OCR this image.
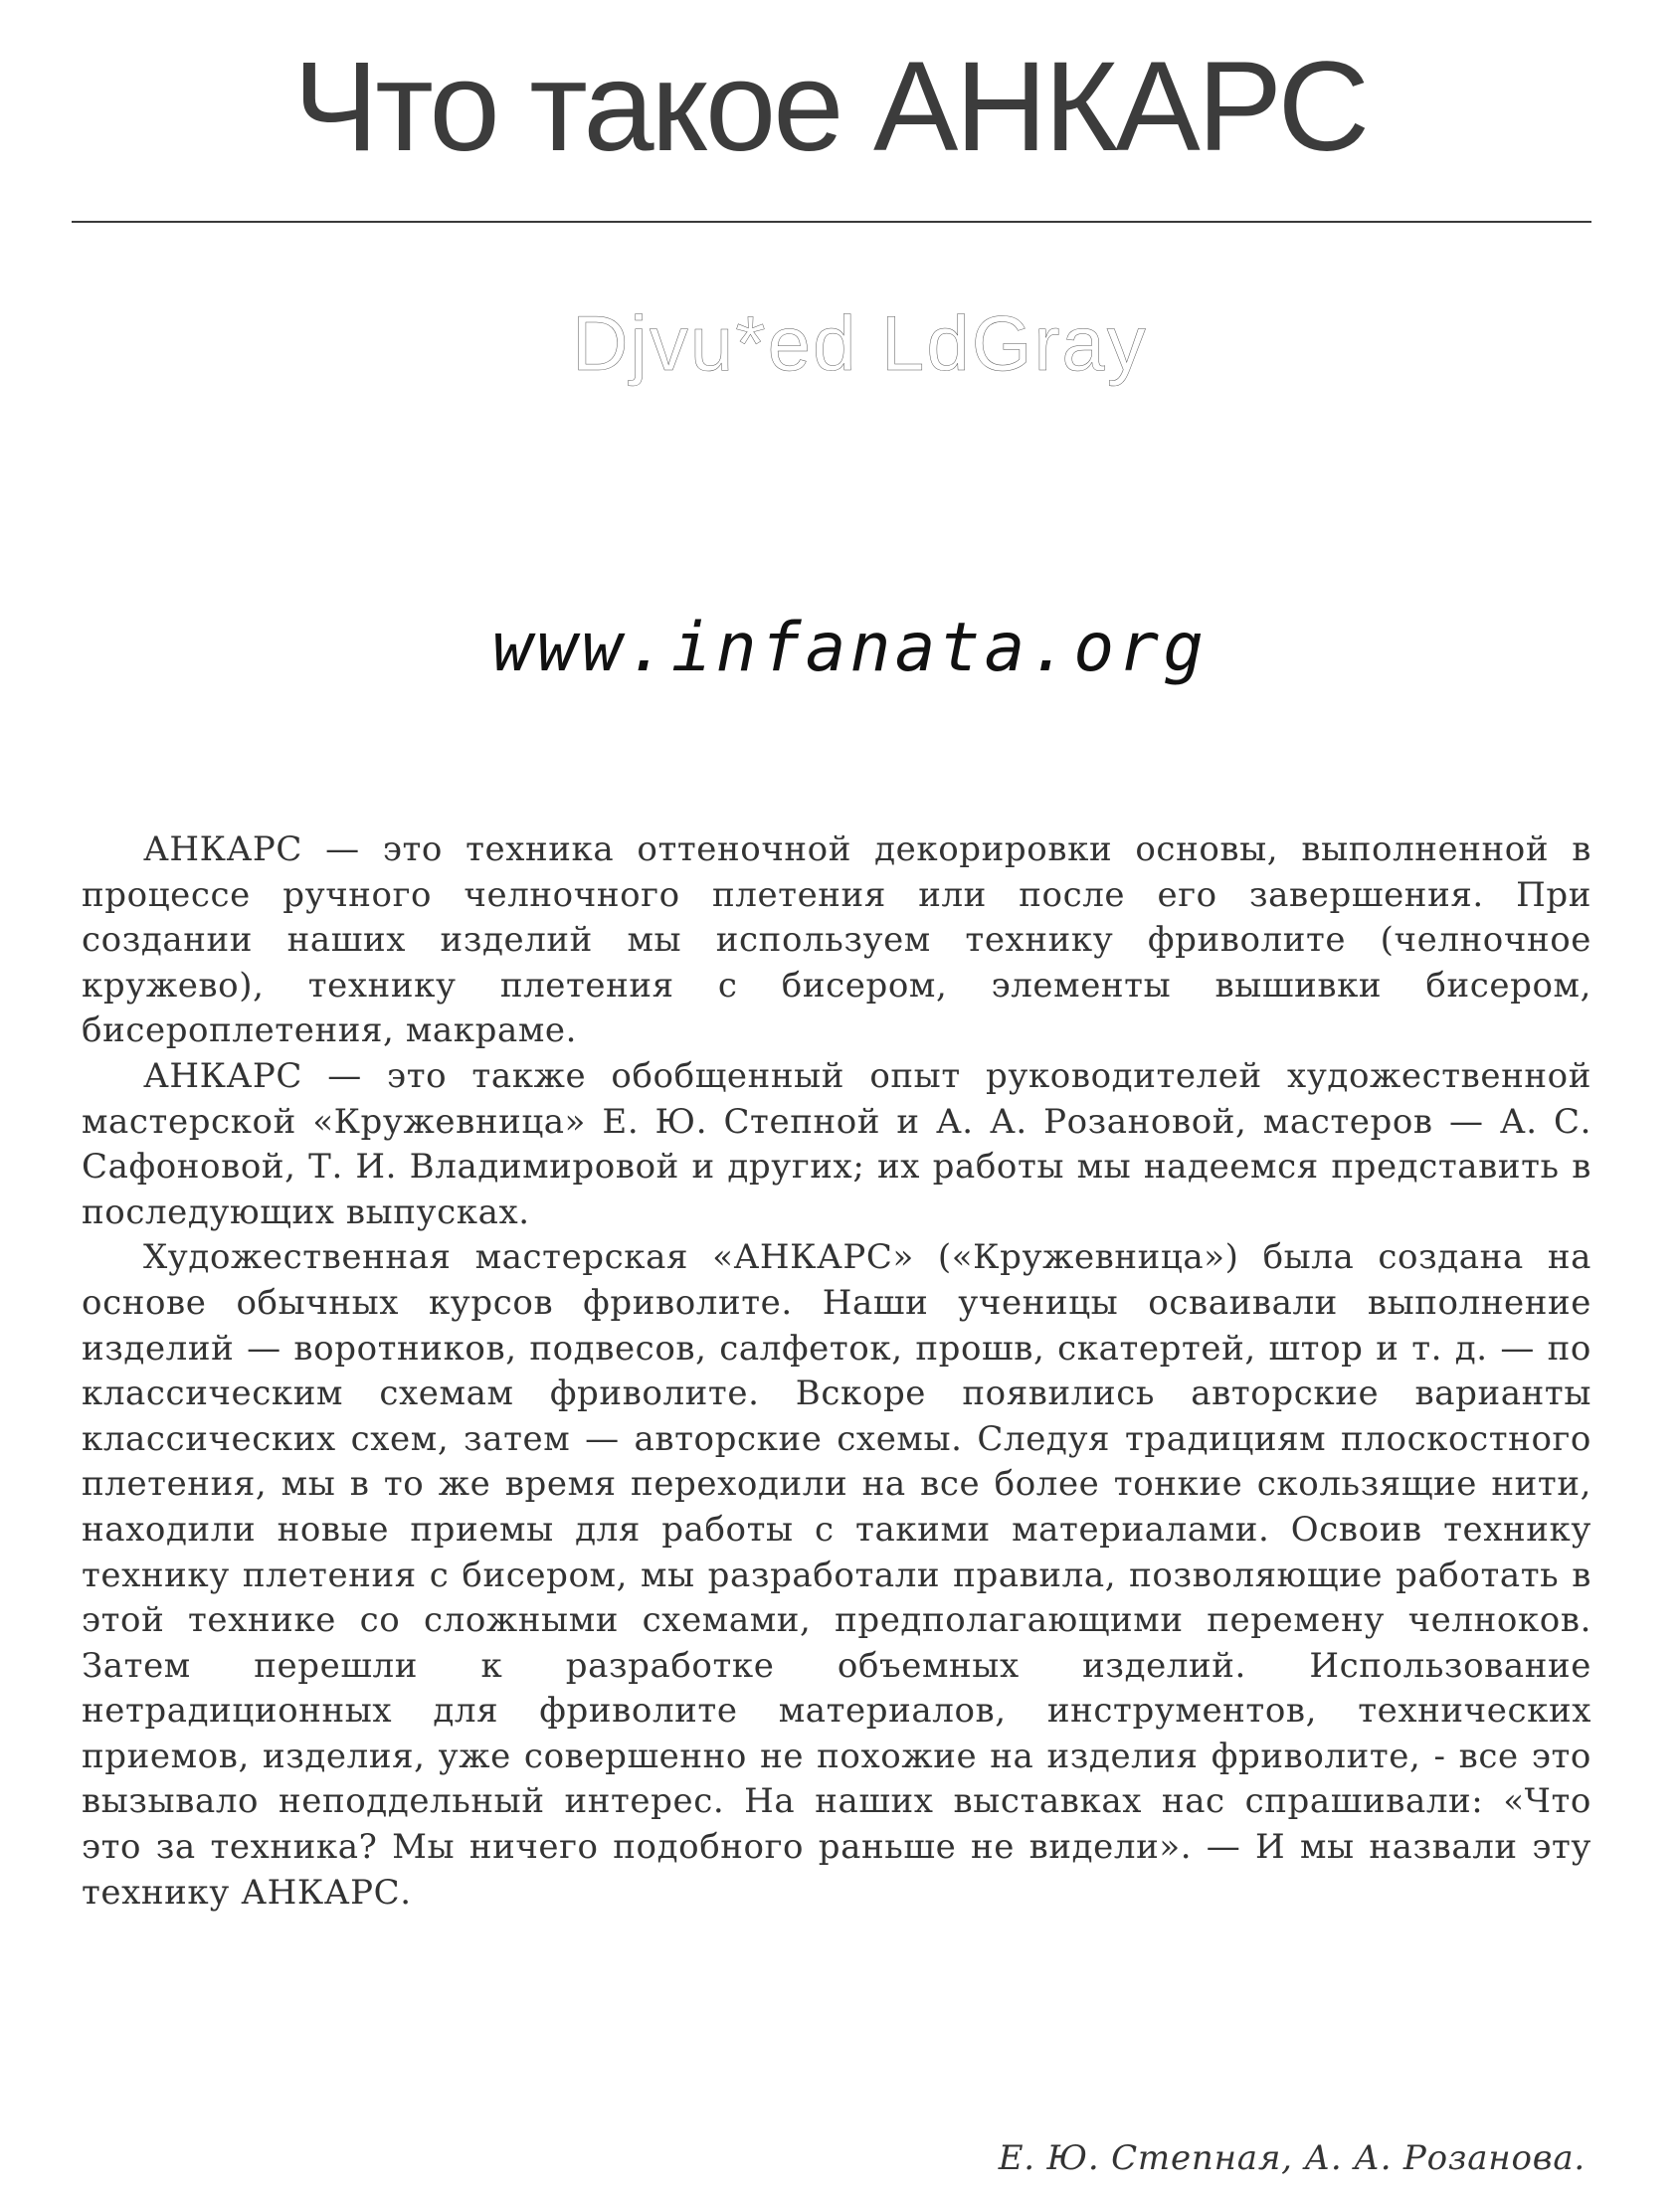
Что такое АНКАРС
Djvu*ed LdGray
www.infanata.org

АНКАРС — это техника оттеночной декорировки основы, выполненной в процессе ручного челночного плетения или после его завершения. При создании наших изделий мы используем технику фриволите (челночное кружево), технику плетения с бисером, элементы вышивки бисером, бисероплетения, макраме.

АНКАРС — это также обобщенный опыт руководителей художественной мастерской «Кружевница» Е. Ю. Степной и А. А. Розановой, мастеров — А. С. Сафоновой, Т. И. Владимировой и других; их работы мы надеемся представить в последующих выпусках.

Художественная мастерская «АНКАРС» («Кружевница») была создана на основе обычных курсов фриволите. Наши ученицы осваивали выполнение изделий — воротников, подвесов, салфеток, прошв, скатертей, штор и т. д. — по классическим схемам фриволите. Вскоре появились авторские варианты классических схем, затем — авторские схемы. Следуя традициям плоскостного плетения, мы в то же время переходили на все более тонкие скользящие нити, находили новые приемы для работы с такими материалами. Освоив технику технику плетения с бисером, мы разработали правила, позволяющие работать в этой технике со сложными схемами, предполагающими перемену челноков. Затем перешли к разработке объемных изделий. Использование нетрадиционных для фриволите материалов, инструментов, технических приемов, изделия, уже совершенно не похожие на изделия фриволите, - все это вызывало неподдельный интерес. На наших выставках нас спрашивали: «Что это за техника? Мы ничего подобного раньше не видели». — И мы назвали эту технику АНКАРС.

Е. Ю. Степная, А. А. Розанова.
